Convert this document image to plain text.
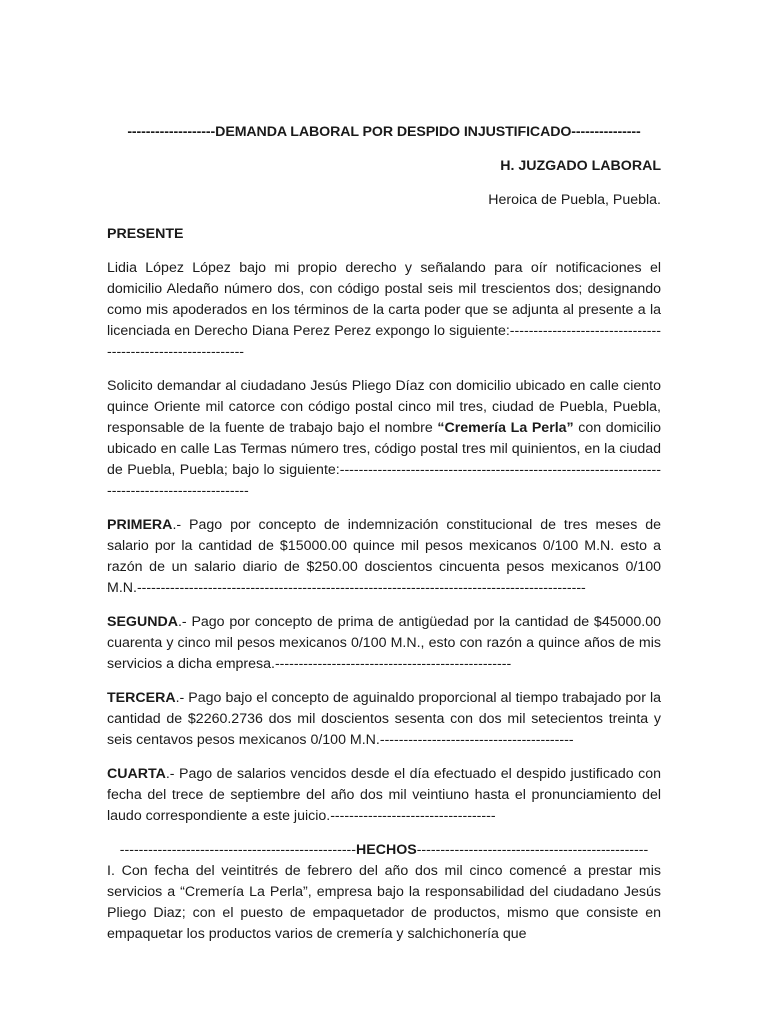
-------------------DEMANDA LABORAL POR DESPIDO INJUSTIFICADO---------------
H. JUZGADO LABORAL
Heroica de Puebla, Puebla.
PRESENTE
Lidia López López bajo mi propio derecho y señalando para oír notificaciones el domicilio Aledaño número dos, con código postal seis mil trescientos dos; designando como mis apoderados en los términos de la carta poder que se adjunta al presente a la licenciada en Derecho Diana Perez Perez expongo lo siguiente:-------------------------------------------------------------
Solicito demandar al ciudadano Jesús Pliego Díaz con domicilio ubicado en calle ciento quince Oriente mil catorce con código postal cinco mil tres, ciudad de Puebla, Puebla, responsable de la fuente de trabajo bajo el nombre “Cremería La Perla” con domicilio ubicado en calle Las Termas número tres, código postal tres mil quinientos, en la ciudad de Puebla, Puebla; bajo lo siguiente:--------------------------------------------------------------------------------------------------
PRIMERA.- Pago por concepto de indemnización constitucional de tres meses de salario por la cantidad de $15000.00 quince mil pesos mexicanos 0/100 M.N. esto a razón de un salario diario de $250.00 doscientos cincuenta pesos mexicanos 0/100 M.N.-----------------------------------------------------------------------------------------------
SEGUNDA.- Pago por concepto de prima de antigüedad por la cantidad de $45000.00 cuarenta y cinco mil pesos mexicanos 0/100 M.N., esto con razón a quince años de mis servicios a dicha empresa.--------------------------------------------------
TERCERA.- Pago bajo el concepto de aguinaldo proporcional al tiempo trabajado por la cantidad de $2260.2736 dos mil doscientos sesenta con dos mil setecientos treinta y seis centavos pesos mexicanos 0/100 M.N.-----------------------------------------
CUARTA.- Pago de salarios vencidos desde el día efectuado el despido justificado con fecha del trece de septiembre del año dos mil veintiuno hasta el pronunciamiento del laudo correspondiente a este juicio.-----------------------------------
--------------------------------------------------HECHOS-------------------------------------------------
I. Con fecha del veintitrés de febrero del año dos mil cinco comencé a prestar mis servicios a “Cremería La Perla”, empresa bajo la responsabilidad del ciudadano Jesús Pliego Diaz; con el puesto de empaquetador de productos, mismo que consiste en empaquetar los productos varios de cremería y salchichonería que
